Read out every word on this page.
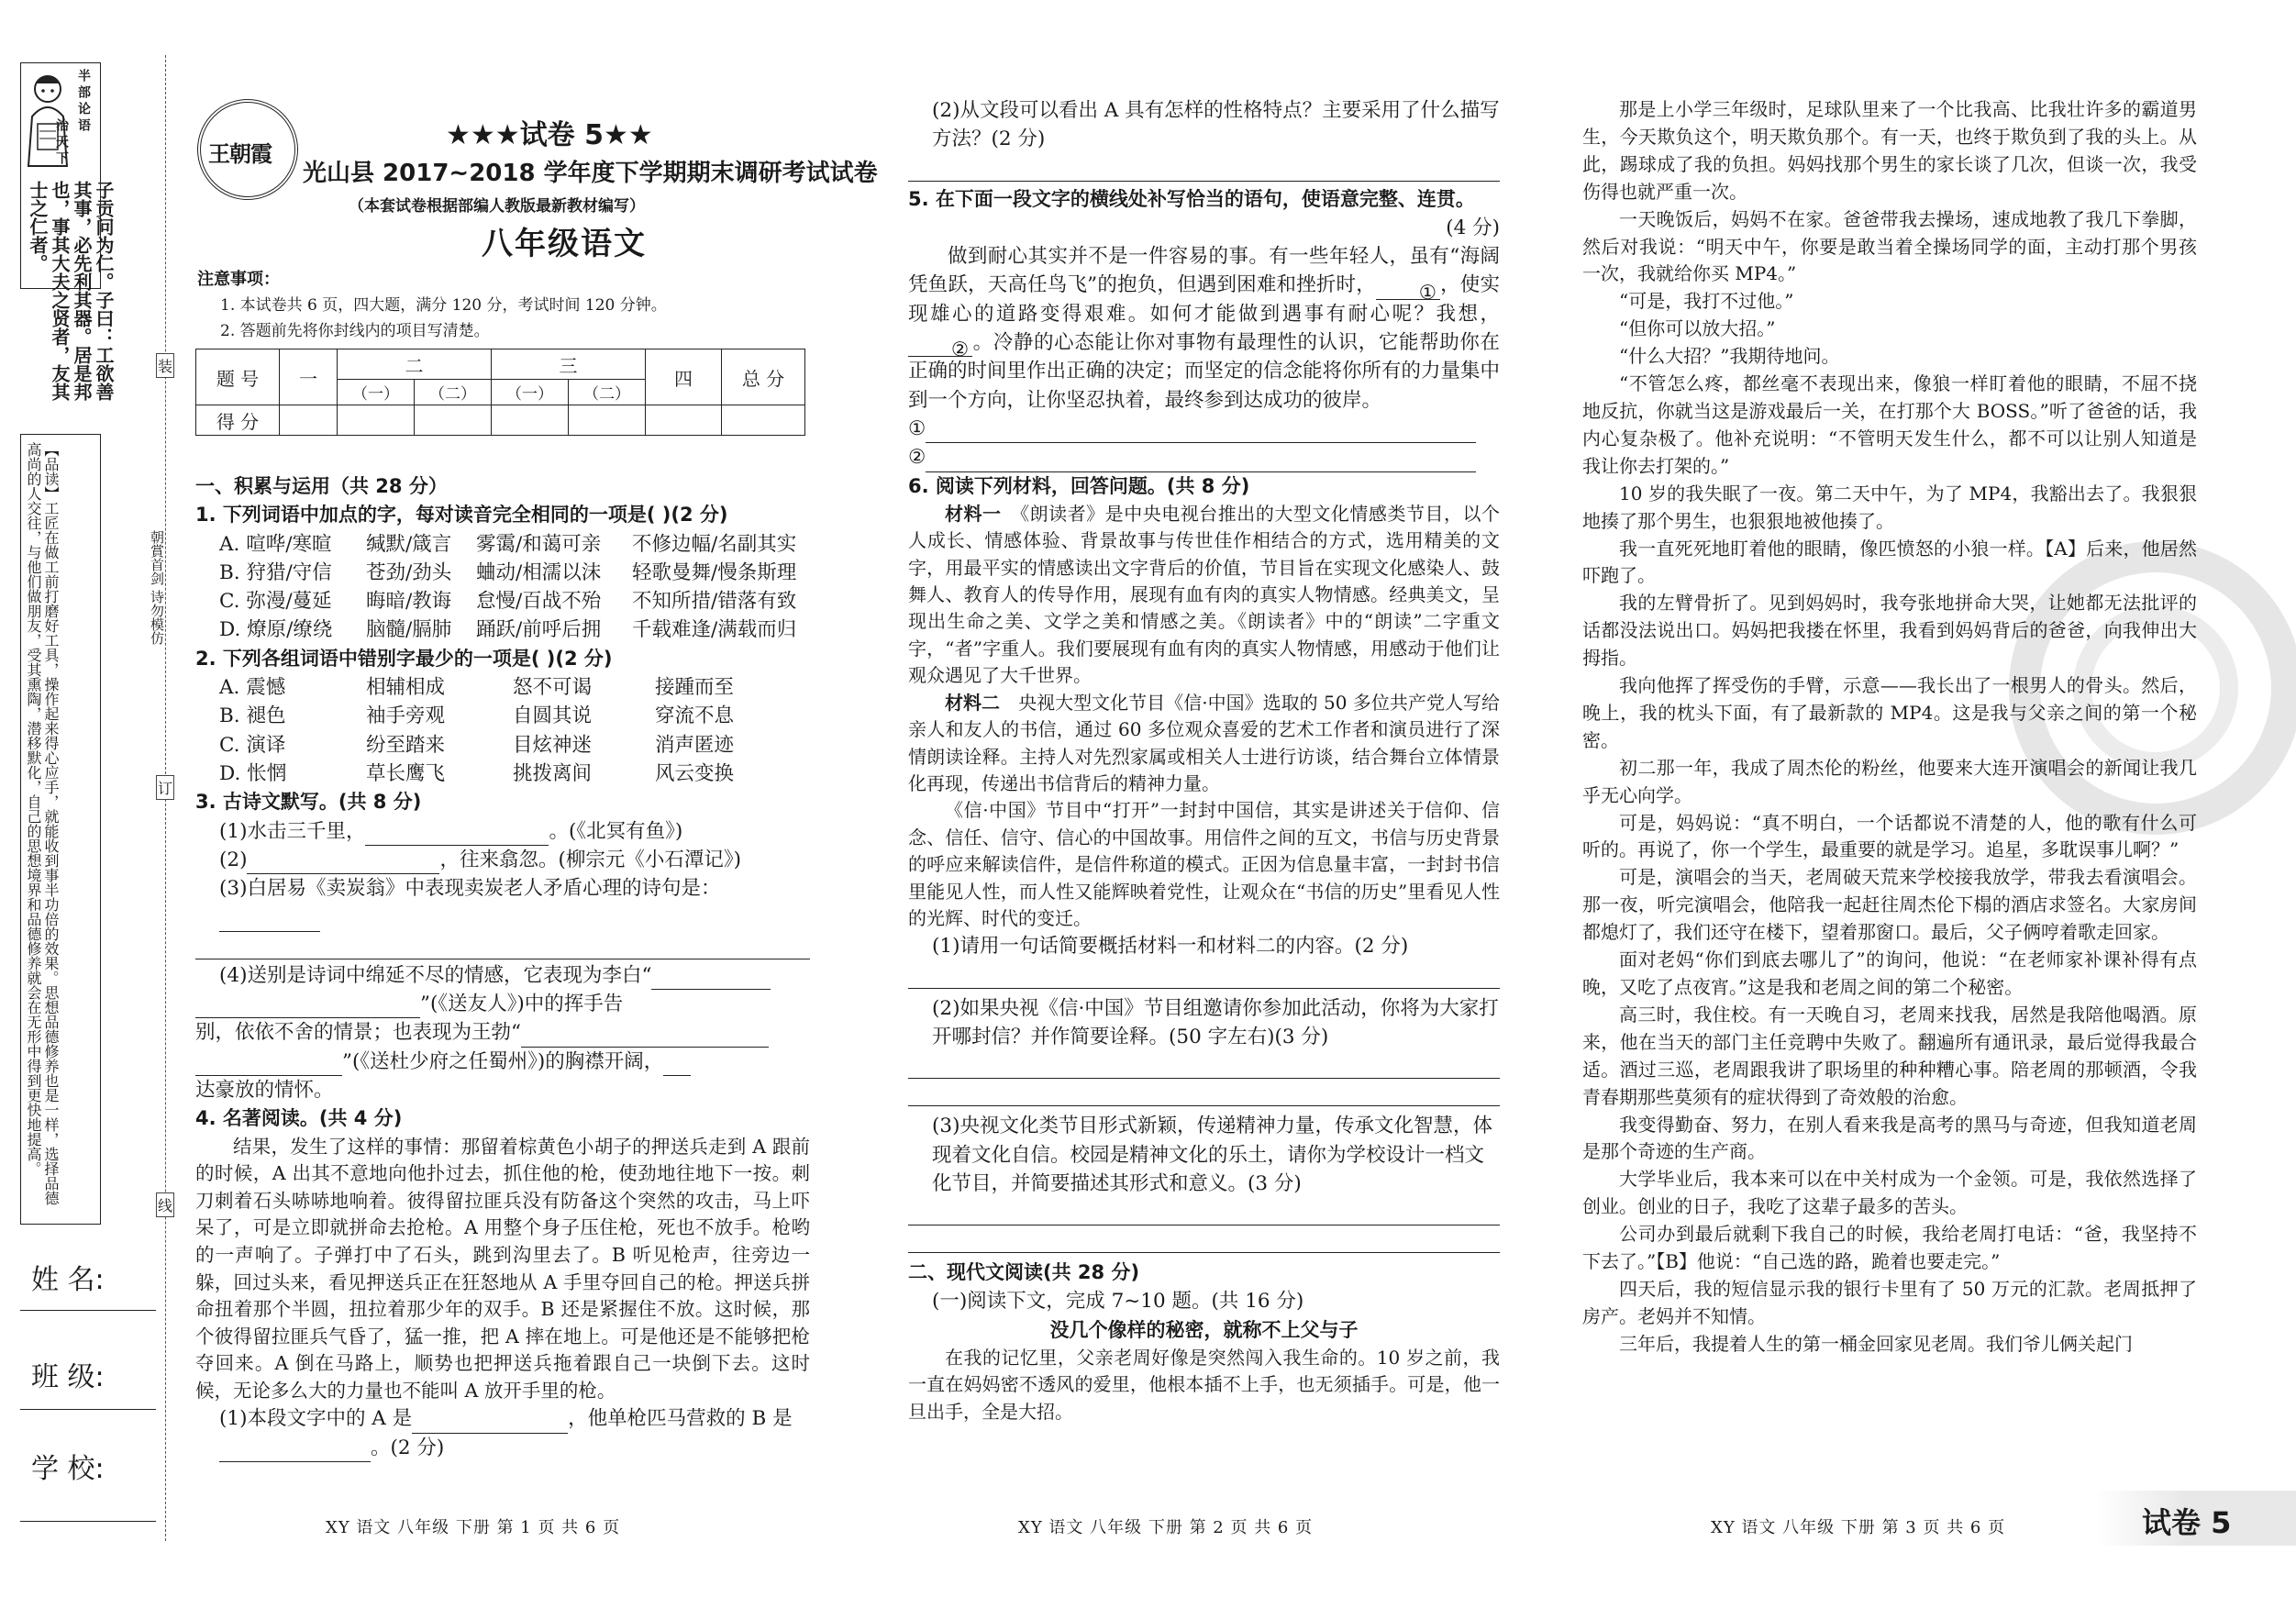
半部论语
治天下
子贡问为仁。子曰：工欲善其事，必先利其器。居是邦也，事其大夫之贤者，友其士之仁者。
【品读】工匠在做工前打磨好工具，操作起来得心应手，就能收到事半功倍的效果。思想品德修养也是一样，选择品德高尚的人交往，与他们做朋友，受其熏陶，潜移默化，自己的思想境界和品德修养就会在无形中得到更快地提高。	朝賞首剑 诗勿模仿
姓 名:
班 级:
学 校:
装
订
线
王朝霞
★★★试卷 5★★
光山县 2017~2018 学年度下学期期末调研考试试卷
（本套试卷根据部编人教版最新教材编写）
八年级语文
注意事项：
1. 本试卷共 6 页，四大题，满分 120 分，考试时间 120 分钟。
2. 答题前先将你封线内的项目写清楚。
题 号	一	二		三		四	总 分
		（一）	（二）	（一）	（二）		
得 分							

一、积累与运用（共 28 分）

1. 下列词语中加点的字，每对读音完全相同的一项是( )(2 分)

A. 喧哗/寒暄	缄默/箴言	雾霭/和蔼可亲	不修边幅/名副其实
B. 狩猎/守信	苍劲/劲头	蛐动/相濡以沫	轻歌曼舞/慢条斯理
C. 弥漫/蔓延	晦暗/教诲	怠慢/百战不殆	不知所措/错落有致
D. 燎原/缭绕	脑髓/膈肺	踊跃/前呼后拥	千载难逢/满载而归

2. 下列各组词语中错别字最少的一项是( )(2 分)

A. 震憾	相辅相成	怒不可谒	接踵而至
B. 褪色	袖手旁观	自圆其说	穿流不息
C. 演译	纷至踏来	目炫神迷	消声匿迹
D. 怅惘	草长鹰飞	挑拨离间	风云变换

3. 古诗文默写。(共 8 分)

(1)水击三千里，	。(《北冥有鱼》)

(2)	，往来翕忽。(柳宗元《小石潭记》)

(3)白居易《卖炭翁》中表现卖炭老人矛盾心理的诗句是：

(4)送别是诗词中绵延不尽的情感，它表现为李白“

”(《送友人》)中的挥手告

别，依依不舍的情景；也表现为王勃“

”(《送杜少府之任蜀州》)的胸襟开阔，

达豪放的情怀。

4. 名著阅读。(共 4 分)

结果，发生了这样的事情：那留着棕黄色小胡子的押送兵走到 A 跟前的时候，A 出其不意地向他扑过去，抓住他的枪，使劲地往地下一按。刺刀刺着石头哧哧地响着。彼得留拉匪兵没有防备这个突然的攻击，马上吓呆了，可是立即就拼命去抢枪。A 用整个身子压住枪，死也不放手。枪哟的一声响了。子弹打中了石头，跳到沟里去了。B 听见枪声，往旁边一躲，回过头来，看见押送兵正在狂怒地从 A 手里夺回自己的枪。押送兵拼命扭着那个半圆，扭拉着那少年的双手。B 还是紧握住不放。这时候，那个彼得留拉匪兵气昏了，猛一推，把 A 摔在地上。可是他还是不能够把枪夺回来。A 倒在马路上，顺势也把押送兵拖着跟自己一块倒下去。这时候，无论多么大的力量也不能叫 A 放开手里的枪。

(1)本段文字中的 A 是	，他单枪匹马营救的 B 是

。(2 分)

(2)从文段可以看出 A 具有怎样的性格特点？主要采用了什么描写方法？(2 分)

5. 在下面一段文字的横线处补写恰当的语句，使语意完整、连贯。

(4 分)

做到耐心其实并不是一件容易的事。有一些年轻人，虽有“海阔凭鱼跃，天高任鸟飞”的抱负，但遇到困难和挫折时， ① ，使实现雄心的道路变得艰难。如何才能做到遇事有耐心呢？我想，② 。冷静的心态能让你对事物有最理性的认识，它能帮助你在正确的时间里作出正确的决定；而坚定的信念能将你所有的力量集中到一个方向，让你坚忍执着，最终参到达成功的彼岸。

①

②

6. 阅读下列材料，回答问题。(共 8 分)

材料一　 《朗读者》是中央电视台推出的大型文化情感类节目，以个人成长、情感体验、背景故事与传世佳作相结合的方式，选用精美的文字，用最平实的情感读出文字背后的价值，节目旨在实现文化感染人、鼓舞人、教育人的传导作用，展现有血有肉的真实人物情感。经典美文，呈现出生命之美、文学之美和情感之美。《朗读者》中的“朗读”二字重文字，“者”字重人。我们要展现有血有肉的真实人物情感，用感动于他们让观众遇见了大千世界。

材料二　 央视大型文化节目《信·中国》选取的 50 多位共产党人写给亲人和友人的书信，通过 60 多位观众喜爱的艺术工作者和演员进行了深情朗读诠释。主持人对先烈家属或相关人士进行访谈，结合舞台立体情景化再现，传递出书信背后的精神力量。

《信·中国》节目中“打开”一封封中国信，其实是讲述关于信仰、信念、信任、信守、信心的中国故事。用信件之间的互文，书信与历史背景的呼应来解读信件，是信件称道的模式。正因为信息量丰富，一封封书信里能见人性，而人性又能辉映着党性，让观众在“书信的历史”里看见人性的光辉、时代的变迁。

(1)请用一句话简要概括材料一和材料二的内容。(2 分)

(2)如果央视《信·中国》节目组邀请你参加此活动，你将为大家打开哪封信？并作简要诠释。(50 字左右)(3 分)

(3)央视文化类节目形式新颖，传递精神力量，传承文化智慧，体现着文化自信。校园是精神文化的乐土，请你为学校设计一档文化节目，并简要描述其形式和意义。(3 分)

二、现代文阅读(共 28 分)

(一)阅读下文，完成 7~10 题。(共 16 分)

没几个像样的秘密，就称不上父与子

在我的记忆里，父亲老周好像是突然闯入我生命的。10 岁之前，我一直在妈妈密不透风的爱里，他根本插不上手，也无须插手。可是，他一旦出手，全是大招。

那是上小学三年级时，足球队里来了一个比我高、比我壮许多的霸道男生，今天欺负这个，明天欺负那个。有一天，也终于欺负到了我的头上。从此，踢球成了我的负担。妈妈找那个男生的家长谈了几次，但谈一次，我受伤得也就严重一次。

一天晚饭后，妈妈不在家。爸爸带我去操场，速成地教了我几下拳脚，然后对我说：“明天中午，你要是敢当着全操场同学的面，主动打那个男孩一次，我就给你买 MP4。”

“可是，我打不过他。”

“但你可以放大招。”

“什么大招？”我期待地问。

“不管怎么疼，都丝毫不表现出来，像狼一样盯着他的眼睛，不屈不挠地反抗，你就当这是游戏最后一关，在打那个大 BOSS。”听了爸爸的话，我内心复杂极了。他补充说明：“不管明天发生什么，都不可以让别人知道是我让你去打架的。”

10 岁的我失眠了一夜。第二天中午，为了 MP4，我豁出去了。我狠狠地揍了那个男生，也狠狠地被他揍了。

我一直死死地盯着他的眼睛，像匹愤怒的小狼一样。【A】后来，他居然吓跑了。

我的左臂骨折了。见到妈妈时，我夸张地拼命大哭，让她都无法批评的话都没法说出口。妈妈把我搂在怀里，我看到妈妈背后的爸爸，向我伸出大拇指。

我向他挥了挥受伤的手臂，示意——我长出了一根男人的骨头。然后，晚上，我的枕头下面，有了最新款的 MP4。这是我与父亲之间的第一个秘密。

初二那一年，我成了周杰伦的粉丝，他要来大连开演唱会的新闻让我几乎无心向学。

可是，妈妈说：“真不明白，一个话都说不清楚的人，他的歌有什么可听的。再说了，你一个学生，最重要的就是学习。追星，多耽误事儿啊？”

可是，演唱会的当天，老周破天荒来学校接我放学，带我去看演唱会。那一夜，听完演唱会，他陪我一起赶往周杰伦下榻的酒店求签名。大家房间都熄灯了，我们还守在楼下，望着那窗口。最后，父子俩哼着歌走回家。

面对老妈“你们到底去哪儿了”的询问，他说：“在老师家补课补得有点晚，又吃了点夜宵。”这是我和老周之间的第二个秘密。

高三时，我住校。有一天晚自习，老周来找我，居然是我陪他喝酒。原来，他在当天的部门主任竞聘中失败了。翻遍所有通讯录，最后觉得我最合适。酒过三巡，老周跟我讲了职场里的种种糟心事。陪老周的那顿酒，令我青春期那些莫须有的症状得到了奇效般的治愈。

我变得勤奋、努力，在别人看来我是高考的黑马与奇迹，但我知道老周是那个奇迹的生产商。

大学毕业后，我本来可以在中关村成为一个金领。可是，我依然选择了创业。创业的日子，我吃了这辈子最多的苦头。

公司办到最后就剩下我自己的时候，我给老周打电话：“爸，我坚持不下去了。”【B】他说：“自己选的路，跪着也要走完。”

四天后，我的短信显示我的银行卡里有了 50 万元的汇款。老周抵押了房产。老妈并不知情。

三年后，我提着人生的第一桶金回家见老周。我们爷儿俩关起门

XY 语文 八年级 下册 第 1 页 共 6 页	XY 语文 八年级 下册 第 2 页 共 6 页	XY 语文 八年级 下册 第 3 页 共 6 页	试卷 5
